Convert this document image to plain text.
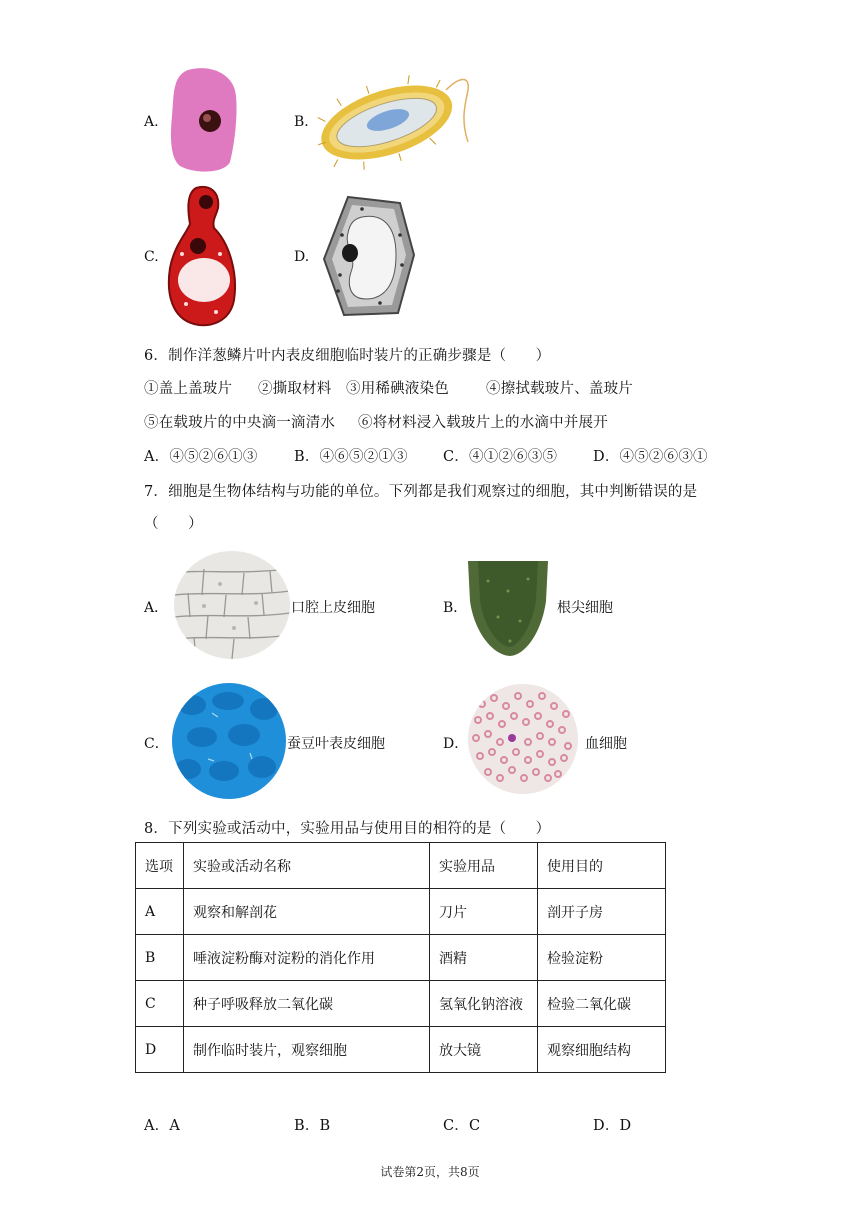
A.	B.
C.	D.
6．制作洋葱鳞片叶内表皮细胞临时装片的正确步骤是（　　）
①盖上盖玻片 ②撕取材料 ③用稀碘液染色	④擦拭载玻片、盖玻片
⑤在载玻片的中央滴一滴清水 ⑥将材料浸入载玻片上的水滴中并展开
A．④⑤②⑥①③	B．④⑥⑤②①③ C．④①②⑥③⑤ D．④⑤②⑥③①
7．细胞是生物体结构与功能的单位。下列都是我们观察过的细胞，其中判断错误的是
（　　）
A．	口腔上皮细胞	B．	根尖细胞
C．	蚕豆叶表皮细胞	D．	血细胞
8．下列实验或活动中，实验用品与使用目的相符的是（　　）
选项	实验或活动名称	实验用品	使用目的
A	观察和解剖花	刀片	剖开子房
B	唾液淀粉酶对淀粉的消化作用	酒精	检验淀粉
C	种子呼吸释放二氧化碳	氢氧化钠溶液	检验二氧化碳
D	制作临时装片，观察细胞	放大镜	观察细胞结构
A．A	B．B	C．C	D．D
试卷第2页，共8页
